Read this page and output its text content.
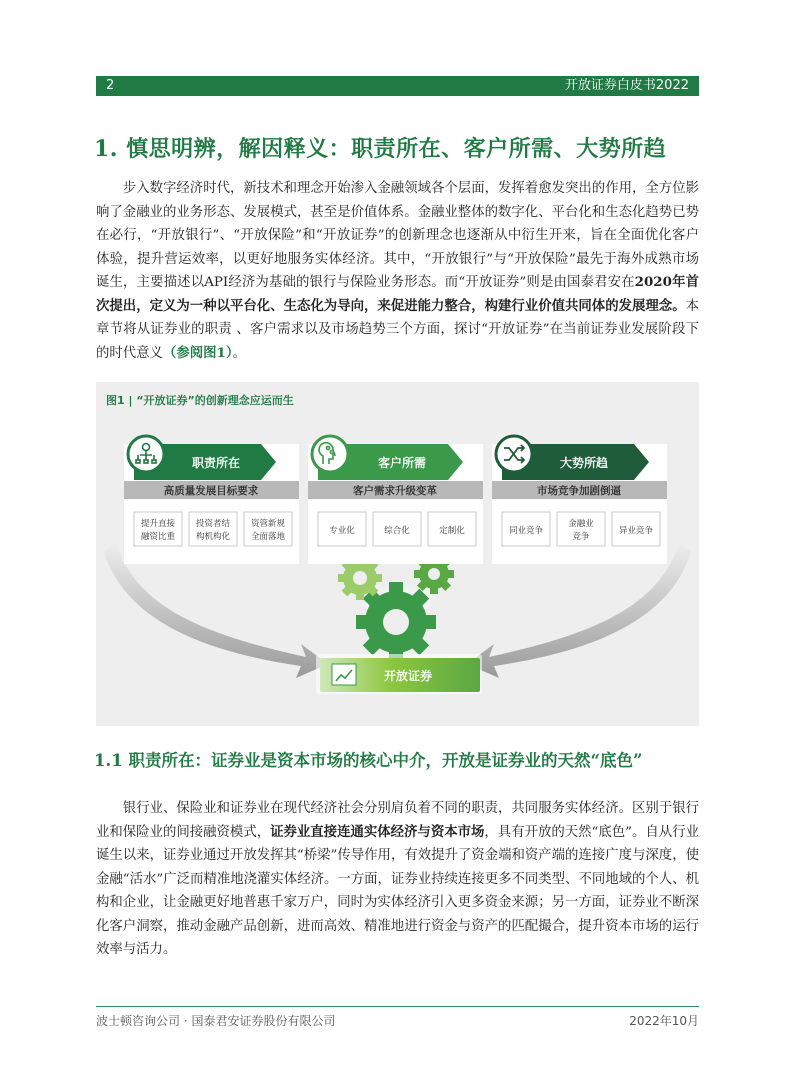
2	开放证券白皮书2022
1. 慎思明辨，解因释义：职责所在、客户所需、大势所趋

  步入数字经济时代，新技术和理念开始渗入金融领域各个层面，发挥着愈发突出的作用，全方位影响了金融业的业务形态、发展模式，甚至是价值体系。金融业整体的数字化、平台化和生态化趋势已势在必行，“开放银行”、“开放保险”和“开放证券”的创新理念也逐渐从中衍生开来，旨在全面优化客户体验，提升营运效率，以更好地服务实体经济。其中，“开放银行”与“开放保险”最先于海外成熟市场诞生，主要描述以API经济为基础的银行与保险业务形态。而“开放证券”则是由国泰君安在2020年首次提出，定义为一种以平台化、生态化为导向，来促进能力整合，构建行业价值共同体的发展理念。本章节将从证券业的职责 、客户需求以及市场趋势三个方面，探讨“开放证券”在当前证券业发展阶段下的时代意义（参阅图1）。

图1 | “开放证券”的创新理念应运而生
职责所在
高质量发展目标要求
提升直接
融资比重
投资者结
构机构化
资管新规
全面落地
客户所需
客户需求升级变革
专业化	综合化	定制化
大势所趋
市场竞争加剧倒逼
同业竞争
金融业
竞争
异业竞争
开放证券
1.1 职责所在：证券业是资本市场的核心中介，开放是证券业的天然“底色”

  银行业、保险业和证券业在现代经济社会分别肩负着不同的职责，共同服务实体经济。区别于银行业和保险业的间接融资模式，证券业直接连通实体经济与资本市场，具有开放的天然“底色”。自从行业诞生以来，证券业通过开放发挥其“桥梁”传导作用，有效提升了资金端和资产端的连接广度与深度，使金融“活水”广泛而精准地浇灌实体经济。一方面，证券业持续连接更多不同类型、不同地域的个人、机构和企业，让金融更好地普惠千家万户，同时为实体经济引入更多资金来源；另一方面，证券业不断深化客户洞察，推动金融产品创新，进而高效、精准地进行资金与资产的匹配撮合，提升资本市场的运行效率与活力。

波士顿咨询公司 · 国泰君安证券股份有限公司	2022年10月
